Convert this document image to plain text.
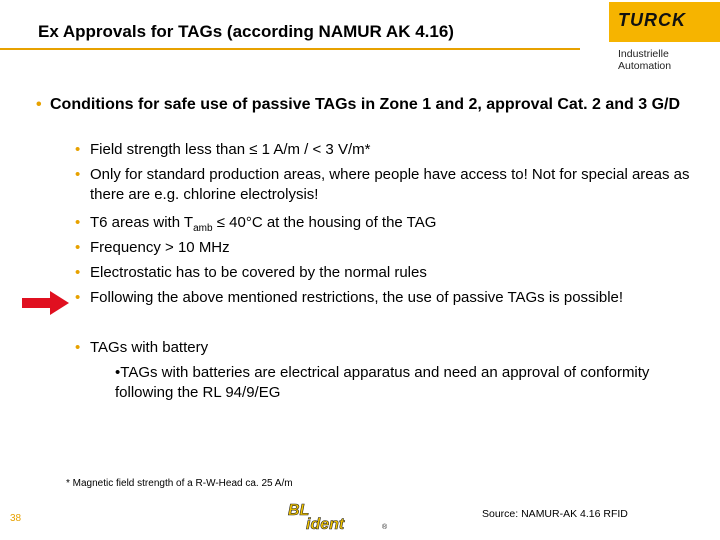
Ex Approvals for TAGs (according NAMUR AK 4.16)
TURCK
Industrielle
Automation
• Conditions for safe use of passive TAGs in Zone 1 and 2, approval Cat. 2 and 3 G/D
• Field strength less than ≤ 1 A/m / < 3 V/m*
• Only for standard production areas, where people have access to! Not for special areas as there are e.g. chlorine electrolysis!
• T6 areas with $T_{amb} \le 40^\circ C$ at the housing of the TAG
• Frequency > 10 MHz
• Electrostatic has to be covered by the normal rules
• Following the above mentioned restrictions, the use of passive TAGs is possible!
• TAGs with battery
•TAGs with batteries are electrical apparatus and need an approval of conformity following the RL 94/9/EG
* Magnetic field strength of a R-W-Head ca. 25 A/m
38	BL
ident	®
Source: NAMUR-AK 4.16 RFID
